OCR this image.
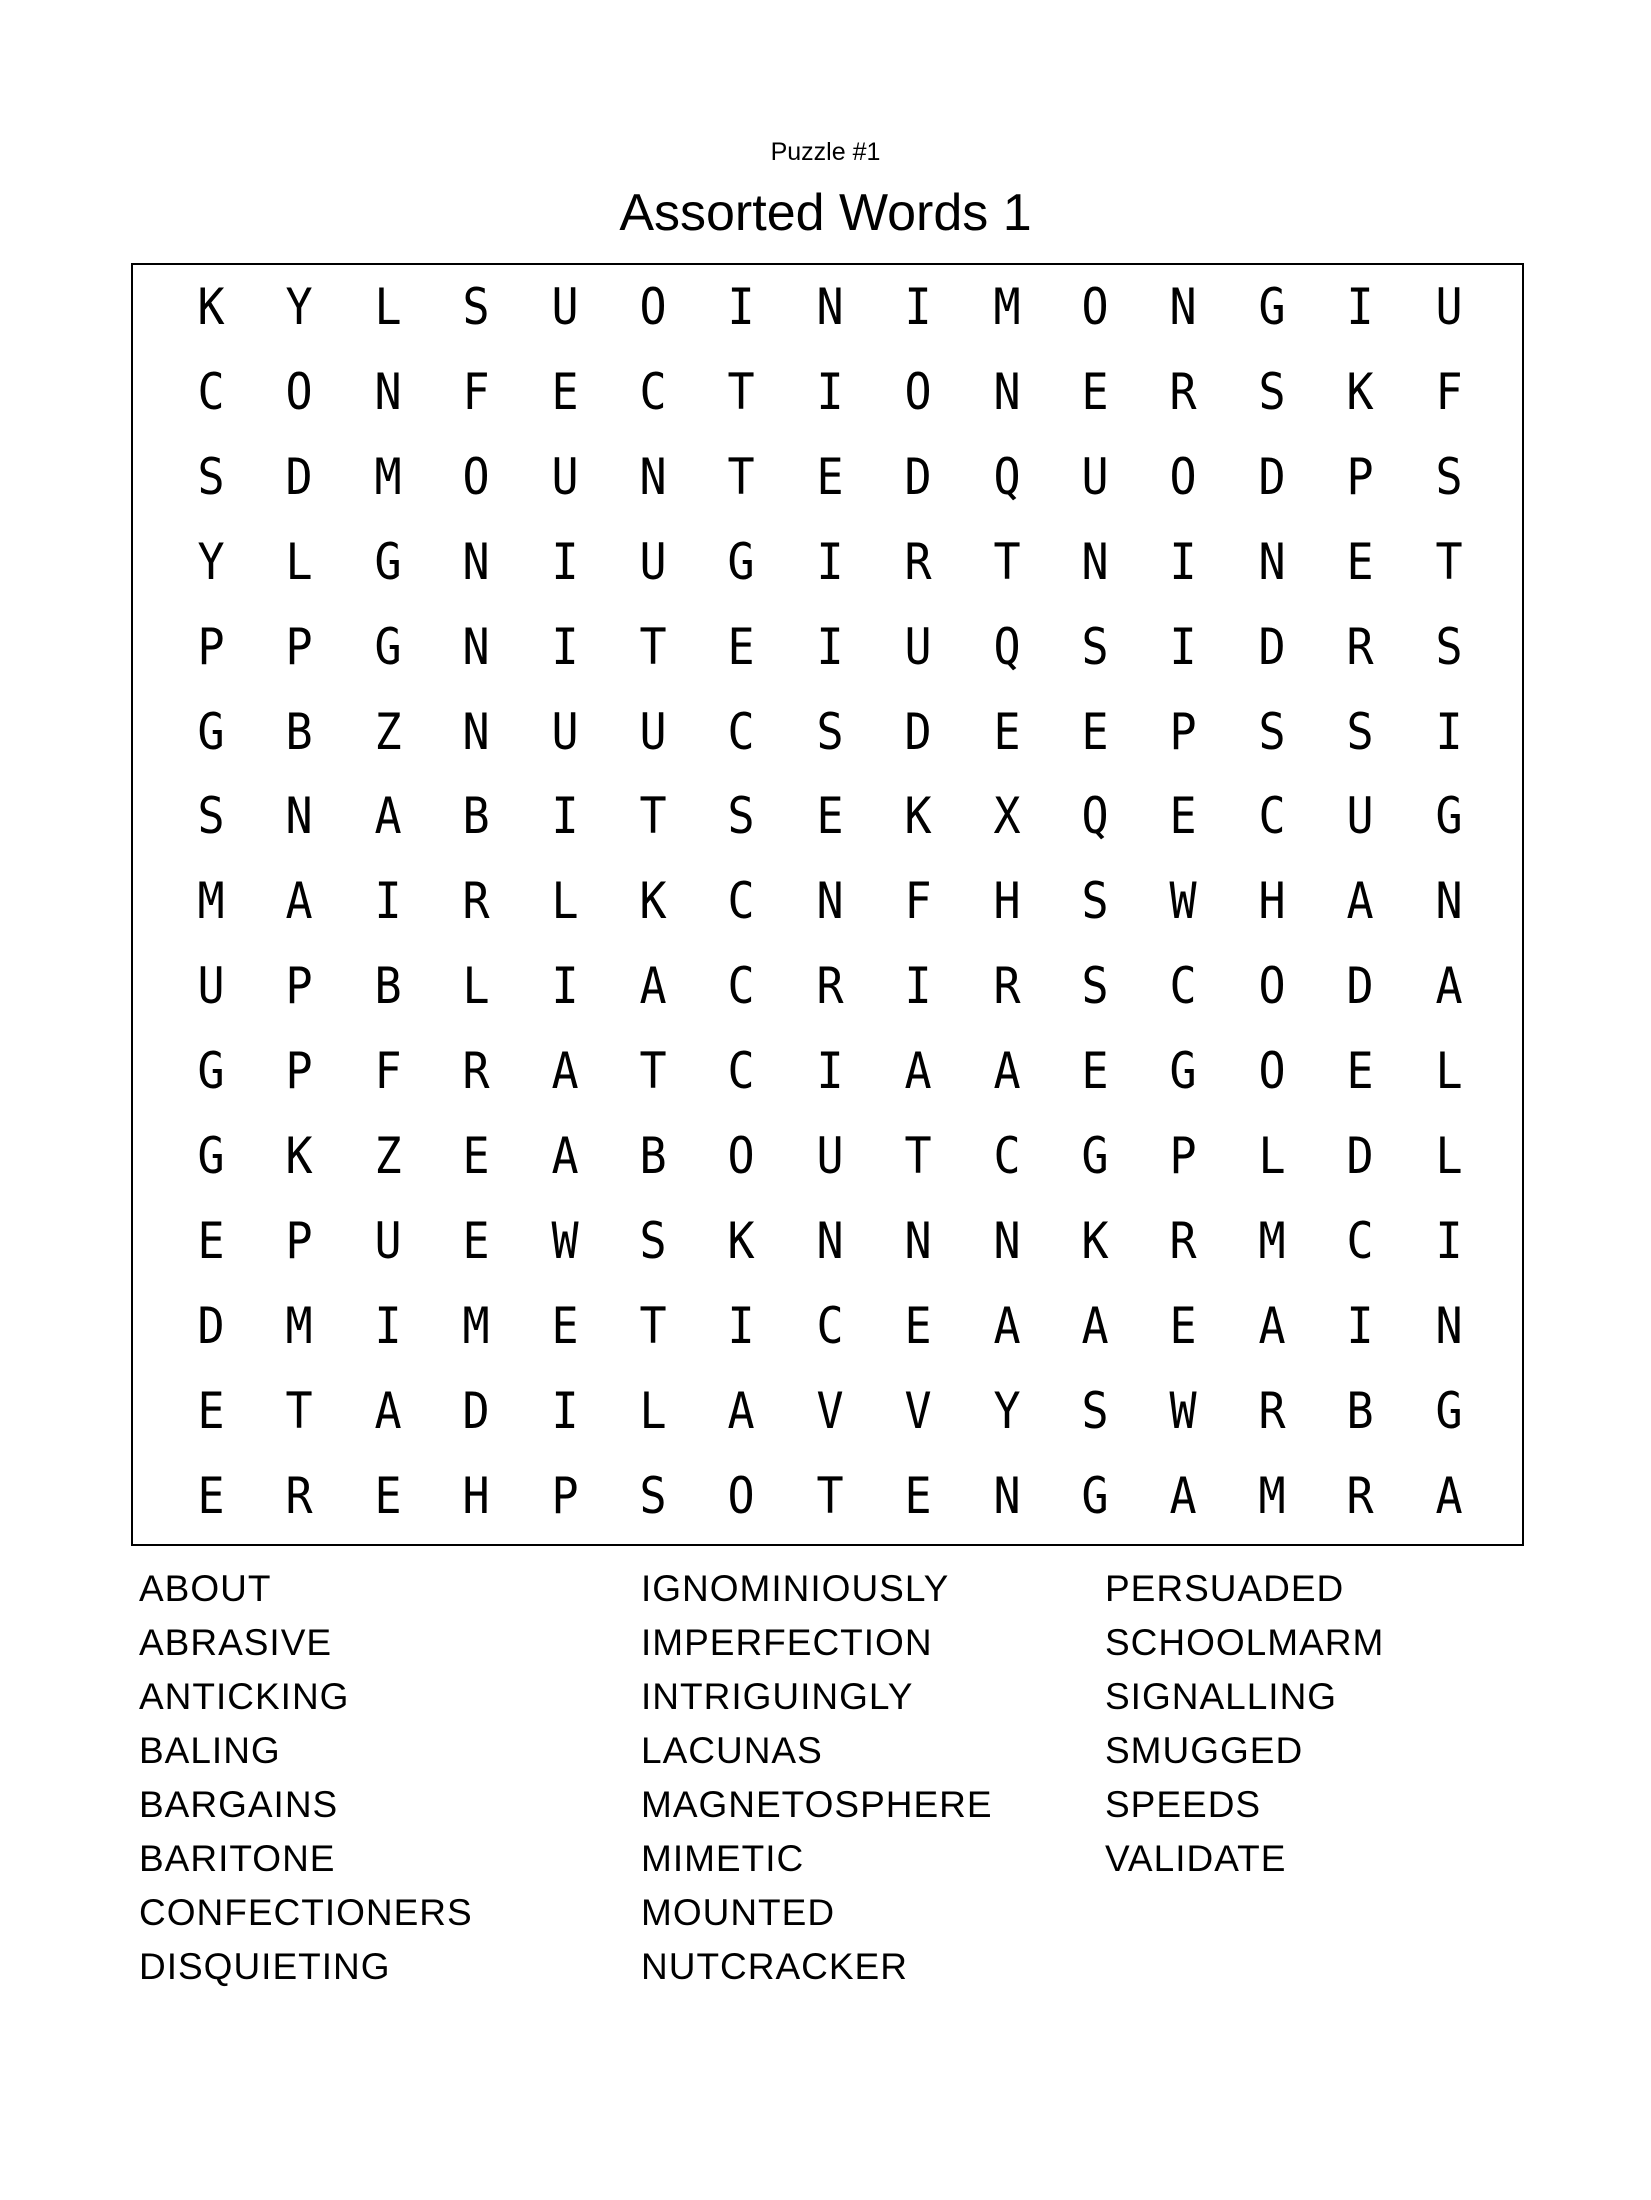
Puzzle #1
Assorted Words 1
K	Y	L	S	U	O	I	N	I	M	O	N	G	I	U
C	O	N	F	E	C	T	I	O	N	E	R	S	K	F
S	D	M	O	U	N	T	E	D	Q	U	O	D	P	S
Y	L	G	N	I	U	G	I	R	T	N	I	N	E	T
P	P	G	N	I	T	E	I	U	Q	S	I	D	R	S
G	B	Z	N	U	U	C	S	D	E	E	P	S	S	I
S	N	A	B	I	T	S	E	K	X	Q	E	C	U	G
M	A	I	R	L	K	C	N	F	H	S	W	H	A	N
U	P	B	L	I	A	C	R	I	R	S	C	O	D	A
G	P	F	R	A	T	C	I	A	A	E	G	O	E	L
G	K	Z	E	A	B	O	U	T	C	G	P	L	D	L
E	P	U	E	W	S	K	N	N	N	K	R	M	C	I
D	M	I	M	E	T	I	C	E	A	A	E	A	I	N
E	T	A	D	I	L	A	V	V	Y	S	W	R	B	G
E	R	E	H	P	S	O	T	E	N	G	A	M	R	A
ABOUT
ABRASIVE
ANTICKING
BALING
BARGAINS
BARITONE
CONFECTIONERS
DISQUIETING
IGNOMINIOUSLY
IMPERFECTION
INTRIGUINGLY
LACUNAS
MAGNETOSPHERE
MIMETIC
MOUNTED
NUTCRACKER
PERSUADED
SCHOOLMARM
SIGNALLING
SMUGGED
SPEEDS
VALIDATE
